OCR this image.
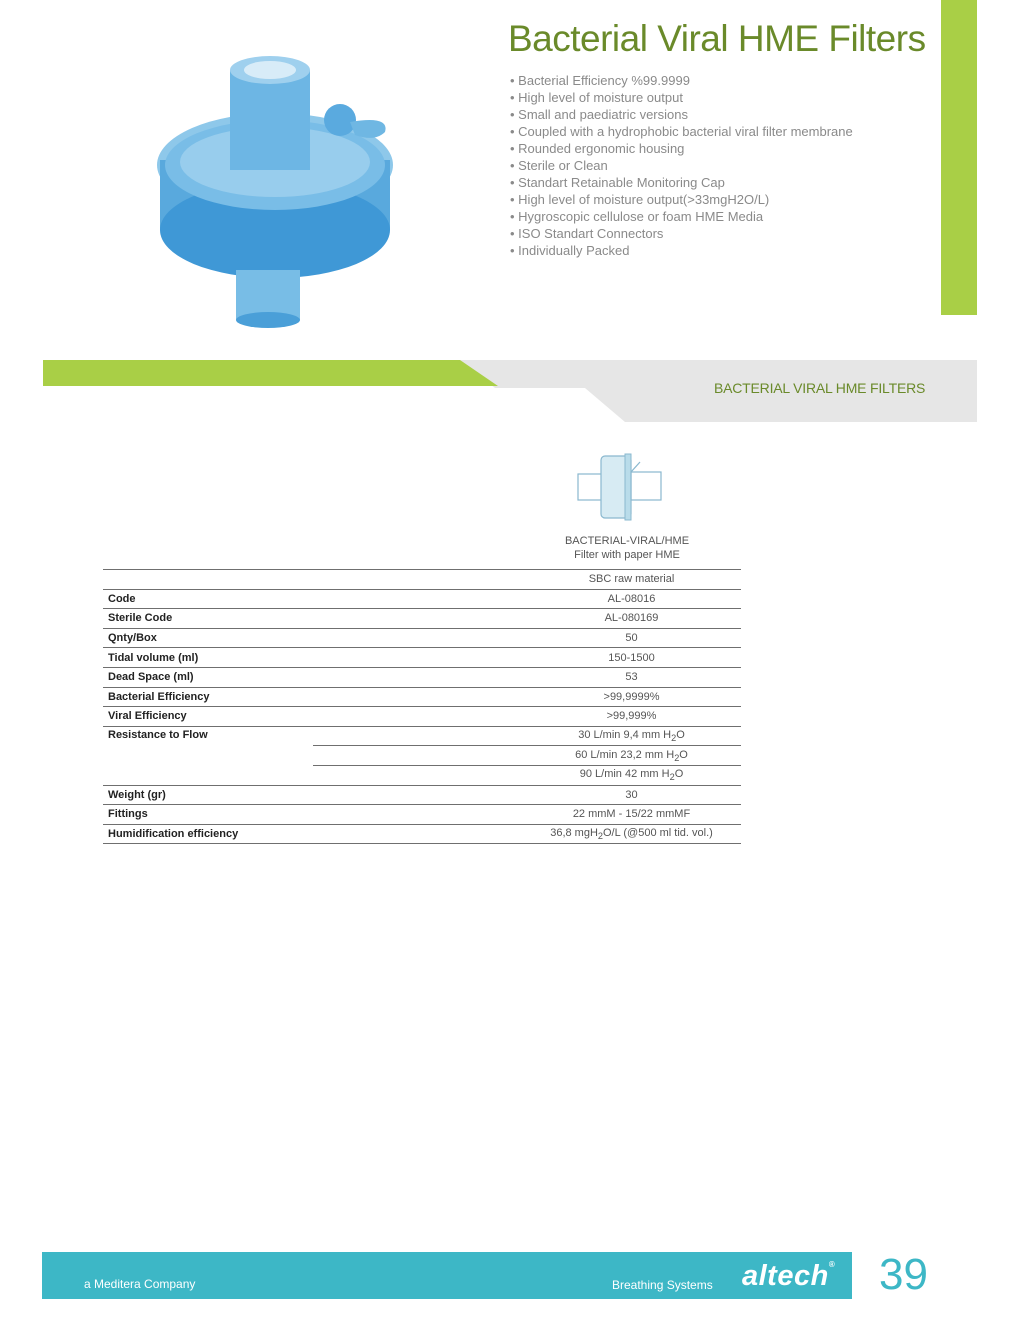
Bacterial Viral HME Filters
• Bacterial Efficiency %99.9999
• High level of moisture output
• Small and paediatric versions
• Coupled with a hydrophobic bacterial viral filter membrane
• Rounded ergonomic housing
• Sterile or Clean
• Standart Retainable Monitoring Cap
• High level of moisture output(>33mgH2O/L)
• Hygroscopic cellulose or foam HME Media
• ISO Standart Connectors
• Individually Packed
BACTERIAL VIRAL HME FILTERS
BACTERIAL-VIRAL/HME
Filter with paper HME
		SBC raw material
Code		AL-08016
Sterile Code		AL-080169
Qnty/Box		50
Tidal volume (ml)		150-1500
Dead Space (ml)		53
Bacterial Efficiency		>99,9999%
Viral Efficiency		>99,999%
Resistance to Flow		30 L/min 9,4 mm $H_2O$
		60 L/min 23,2 mm $H_2O$
		90 L/min 42 mm $H_2O$
Weight (gr)		30
Fittings		22 mmM - 15/22 mmMF
Humidification efficiency		36,8 mgH$_2$O/L (@500 ml tid. vol.)
a Meditera Company	Breathing Systems altech® 39
